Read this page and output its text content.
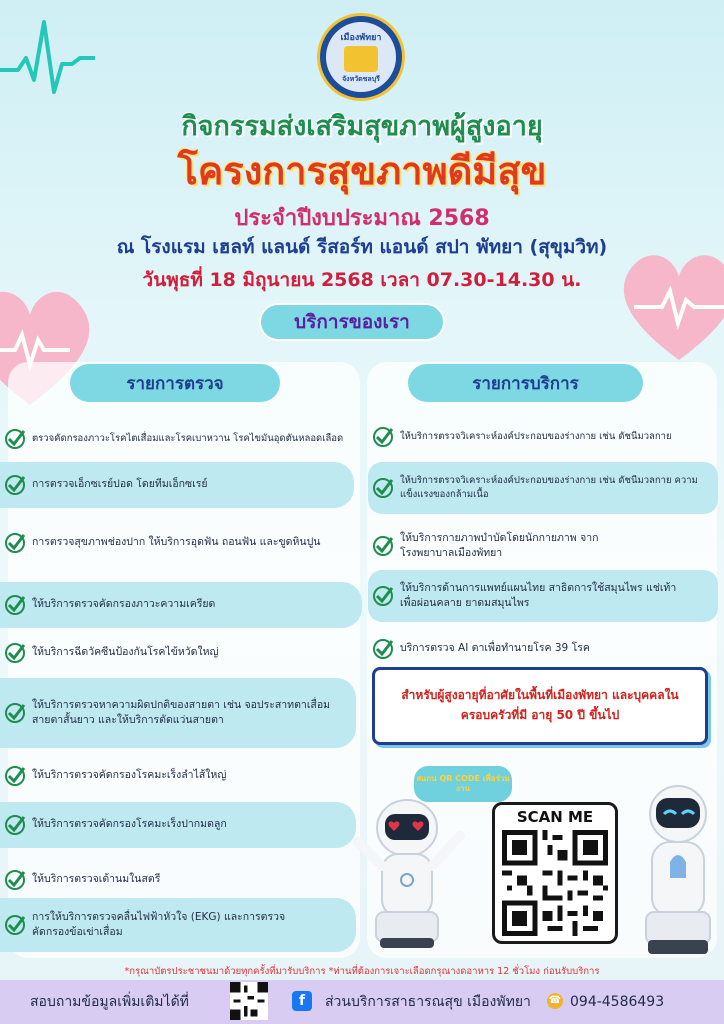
เมืองพัทยา
จังหวัดชลบุรี
กิจกรรมส่งเสริมสุขภาพผู้สูงอายุ
โครงการสุขภาพดีมีสุข
ประจำปีงบประมาณ 2568
ณ โรงแรม เฮลท์ แลนด์ รีสอร์ท แอนด์ สปา พัทยา (สุขุมวิท)
วันพุธที่ 18 มิถุนายน 2568 เวลา 07.30-14.30 น.
บริการของเรา
รายการตรวจ	รายการบริการ
ตรวจคัดกรองภาวะโรคไตเสื่อมและโรคเบาหวาน โรคไขมันอุดตันหลอดเลือด
การตรวจเอ็กซเรย์ปอด โดยทีมเอ็กซเรย์
การตรวจสุขภาพช่องปาก ให้บริการอุดฟัน ถอนฟัน และขูดหินปูน
ให้บริการตรวจคัดกรองภาวะความเครียด
ให้บริการฉีดวัคซีนป้องกันโรคไข้หวัดใหญ่
ให้บริการตรวจหาความผิดปกติของสายตา เช่น จอประสาทตาเสื่อม สายตาสั้นยาว และให้บริการตัดแว่นสายตา
ให้บริการตรวจคัดกรองโรคมะเร็งลำไส้ใหญ่
ให้บริการตรวจคัดกรองโรคมะเร็งปากมดลูก
ให้บริการตรวจเต้านมในสตรี
การให้บริการตรวจคลื่นไฟฟ้าหัวใจ (EKG) และการตรวจคัดกรองข้อเข่าเสื่อม
ให้บริการตรวจวิเคราะห์องค์ประกอบของร่างกาย เช่น ดัชนีมวลกาย
ให้บริการตรวจวิเคราะห์องค์ประกอบของร่างกาย เช่น ดัชนีมวลกาย ความแข็งแรงของกล้ามเนื้อ
ให้บริการกายภาพบำบัดโดยนักกายภาพ จากโรงพยาบาลเมืองพัทยา
ให้บริการด้านการแพทย์แผนไทย สาธิตการใช้สมุนไพร แช่เท้าเพื่อผ่อนคลาย ยาดมสมุนไพร
บริการตรวจ AI ตาเพื่อทำนายโรค 39 โรค
สำหรับผู้สูงอายุที่อาศัยในพื้นที่เมืองพัทยา และบุคคลในครอบครัวที่มี อายุ 50 ปี ขึ้นไป
สแกน QR CODE เพื่อร่วมงาน
SCAN ME
*กรุณาบัตรประชาชนมาด้วยทุกครั้งที่มารับบริการ *ท่านที่ต้องการเจาะเลือดกรุณางดอาหาร 12 ชั่วโมง ก่อนรับบริการ
สอบถามข้อมูลเพิ่มเติมได้ที่	f	ส่วนบริการสาธารณสุข เมืองพัทยา ☎ 094-4586493
